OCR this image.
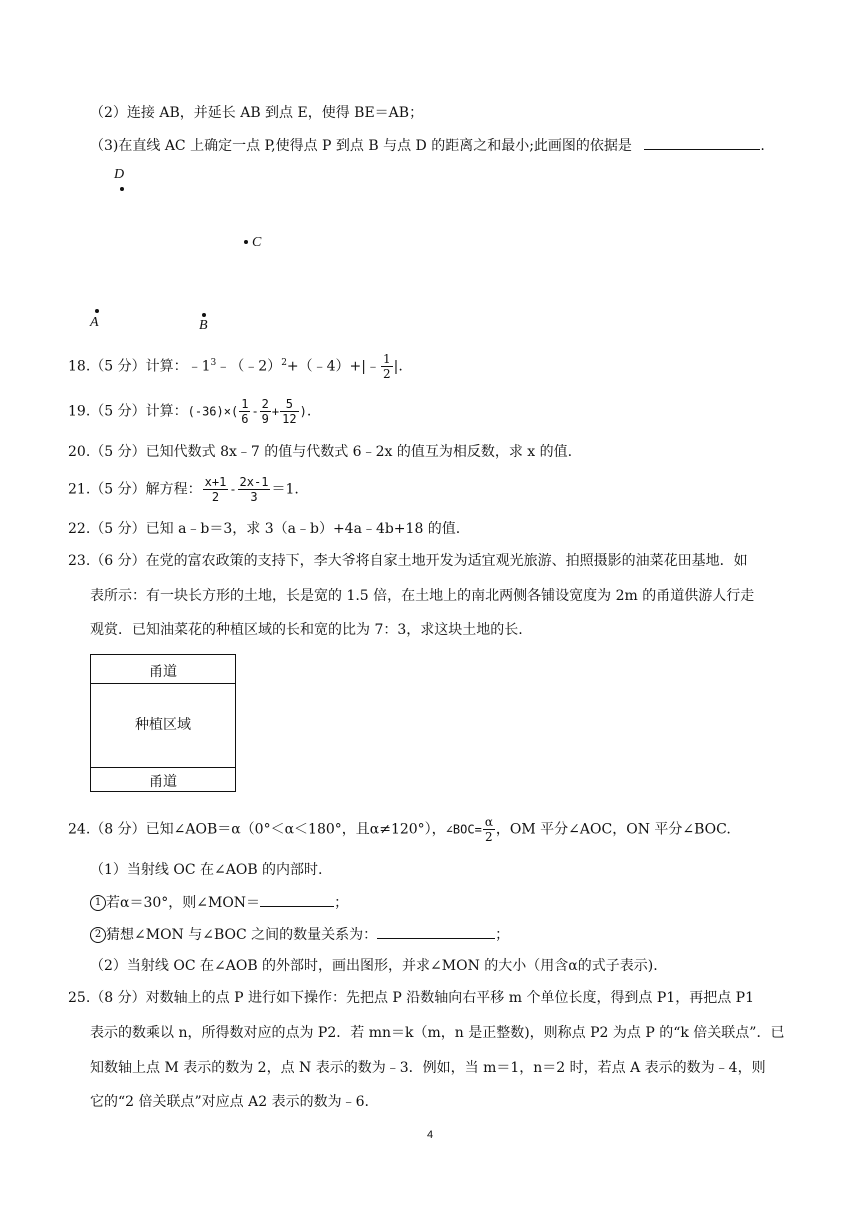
（2）连接 AB，并延长 AB 到点 E，使得 BE＝AB；
（3)在直线 AC 上确定一点 P,使得点 P 到点 B 与点 D 的距离之和最小;此画图的依据是	.
D
C
A	B
18.（5 分）计算：$﹣1^3﹣(﹣2)^2+(﹣4)+|﹣ \frac{1}{2}$ |.
19.（5 分）计算：$(-36)\times( \frac{1}{6} - \frac{2}{9} + \frac{5}{12}$ ).
20.（5 分）已知代数式 8x﹣7 的值与代数式 6﹣2x 的值互为相反数，求 x 的值.
21.（5 分）解方程： $\frac{x+1}{2} - \frac{2x-1}{3} =1$.
22.（5 分）已知 a﹣b＝3，求 3（a﹣b）+4a﹣4b+18 的值.
23.（6 分）在党的富农政策的支持下，李大爷将自家土地开发为适宜观光旅游、拍照摄影的油菜花田基地．如
表所示：有一块长方形的土地，长是宽的 1.5 倍，在土地上的南北两侧各铺设宽度为 2m 的甬道供游人行走
观赏．已知油菜花的种植区域的长和宽的比为 7：3，求这块土地的长.
甬道
种植区域
甬道
24.（8 分）已知∠AOB＝α（0°＜α＜180°，且α≠120°），∠BOC= $\frac{\alpha}{2}$ ，OM 平分∠AOC，ON 平分∠BOC.
（1）当射线 OC 在∠AOB 的内部时.
1 若α＝30°，则∠MON＝	；
2 猜想∠MON 与∠BOC 之间的数量关系为：	；
（2）当射线 OC 在∠AOB 的外部时，画出图形，并求∠MON 的大小（用含α的式子表示).
25.（8 分）对数轴上的点 P 进行如下操作：先把点 P 沿数轴向右平移 m 个单位长度，得到点 P1，再把点 P1
表示的数乘以 n，所得数对应的点为 P2．若 mn＝k（m，n 是正整数)，则称点 P2 为点 P 的“k 倍关联点”．已
知数轴上点 M 表示的数为 2，点 N 表示的数为﹣3．例如，当 m＝1，n＝2 时，若点 A 表示的数为﹣4，则
它的“2 倍关联点”对应点 A2 表示的数为﹣6.
4
